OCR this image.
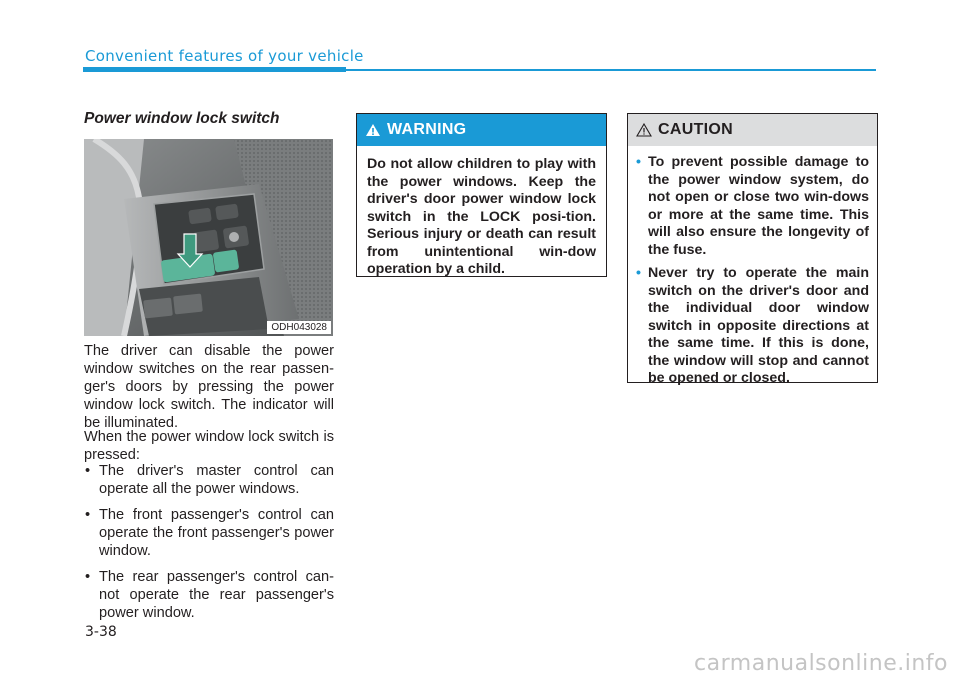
Convenient features of your vehicle
Power window lock switch
ODH043028

The driver can disable the power window switches on the rear passen-ger's doors by pressing the power window lock switch. The indicator will be illuminated.

When the power window lock switch is pressed:

• The driver's master control can operate all the power windows.
• The front passenger's control can operate the front passenger's power window.
• The rear passenger's control can-not operate the rear passenger's power window.
WARNING
Do not allow children to play with the power windows. Keep the driver's door power window lock switch in the LOCK posi-tion. Serious injury or death can result from unintentional win-dow operation by a child.
CAUTION
• To prevent possible damage to the power window system, do not open or close two win-dows or more at the same time. This will also ensure the longevity of the fuse.
• Never try to operate the main switch on the driver's door and the individual door window switch in opposite directions at the same time. If this is done, the window will stop and cannot be opened or closed.
3-38
carmanualsonline.info
